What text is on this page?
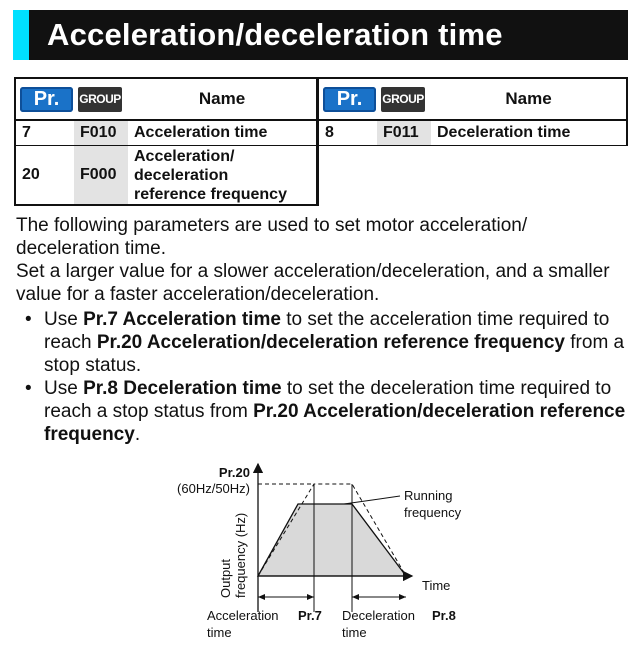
Acceleration/deceleration time
Pr.	GROUP	Name	Pr.	GROUP	Name
7	F010	Acceleration time	8	F011	Deceleration time
20	F000	Acceleration/
deceleration
reference frequency			

The following parameters are used to set motor acceleration/ deceleration time.

Set a larger value for a slower acceleration/deceleration, and a smaller value for a faster acceleration/deceleration.

• Use Pr.7 Acceleration time to set the acceleration time required to reach Pr.20 Acceleration/deceleration reference frequency from a stop status.
• Use Pr.8 Deceleration time to set the deceleration time required to reach a stop status from Pr.20 Acceleration/deceleration reference frequency.
Pr.20
(60Hz/50Hz)	Running
frequency
Output frequency (Hz)	Time
Acceleration
time
Pr.7 Deceleration
time
Pr.8
